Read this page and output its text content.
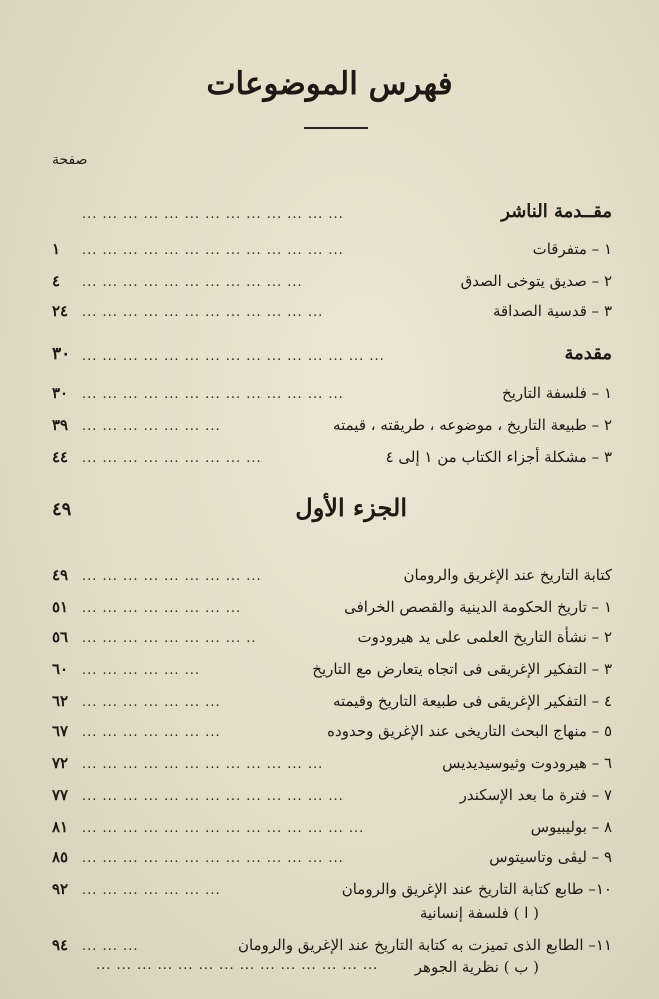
فهرس الموضوعات
صفحة
مقــدمة الناشر
... ... ... ... ... ... ... ... ... ... ... ... ...
١ – متفرقات
... ... ... ... ... ... ... ... ... ... ... ... ...
١
٢ – صديق يتوخى الصدق
... ... ... ... ... ... ... ... ... ... ...
٤
٣ – قدسية الصداقة
... ... ... ... ... ... ... ... ... ... ... ...
٢٤
مقدمة
... ... ... ... ... ... ... ... ... ... ... ... ... ... ...
٣٠
١ – فلسفة التاريخ
... ... ... ... ... ... ... ... ... ... ... ... ...
٣٠
٢ – طبيعة التاريخ ، موضوعه ، طريقته ، قيمته
... ... ... ... ... ... ...
٣٩
٣ – مشكلة أجزاء الكتاب من ١ إلى ٤
... ... ... ... ... ... ... ... ...
٤٤
الجزء الأول
٤٩
كتابة التاريخ عند الإغريق والرومان
... ... ... ... ... ... ... ... ...
٤٩
١ – تاريخ الحكومة الدينية والقصص الخرافى
... ... ... ... ... ... ... ...
٥١
٢ – نشأة التاريخ العلمى على يد هيرودوت
... ... ... ... ... ... ... ... ..
٥٦
٣ – التفكير الإغريقى فى اتجاه يتعارض مع التاريخ
... ... ... ... ... ...
٦٠
٤ – التفكير الإغريقى فى طبيعة التاريخ وقيمته
... ... ... ... ... ... ...
٦٢
٥ – منهاج البحث التاريخى عند الإغريق وحدوده
... ... ... ... ... ... ...
٦٧
٦ – هيرودوت وثيوسيديديس
... ... ... ... ... ... ... ... ... ... ... ...
٧٢
٧ – فترة ما بعد الإسكندر
... ... ... ... ... ... ... ... ... ... ... ... ...
٧٧
٨ – بوليبيوس
... ... ... ... ... ... ... ... ... ... ... ... ... ...
٨١
٩ – ليڤى وتاسيتوس
... ... ... ... ... ... ... ... ... ... ... ... ...
٨٥
١٠– طابع كتابة التاريخ عند الإغريق والرومان
... ... ... ... ... ... ...
٩٢
( ا ) فلسفة إنسانية
١١– الطابع الذى تميزت به كتابة التاريخ عند الإغريق والرومان
... ... ...
٩٤
( ب ) نظرية الجوهر
... ... ... ... ... ... ... ... ... ... ... ... ... ...
